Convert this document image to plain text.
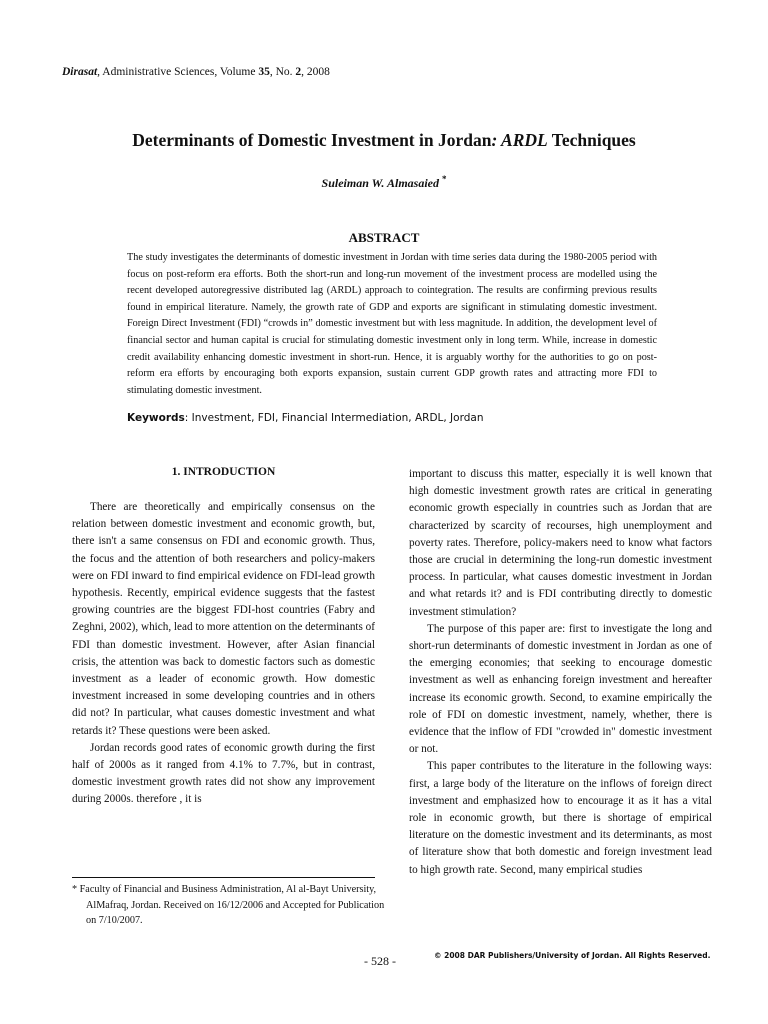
Dirasat, Administrative Sciences, Volume 35, No. 2, 2008
Determinants of Domestic Investment in Jordan: ARDL Techniques
Suleiman W. Almasaied *
ABSTRACT

The study investigates the determinants of domestic investment in Jordan with time series data during the 1980-2005 period with focus on post-reform era efforts. Both the short-run and long-run movement of the investment process are modelled using the recent developed autoregressive distributed lag (ARDL) approach to cointegration. The results are confirming previous results found in empirical literature. Namely, the growth rate of GDP and exports are significant in stimulating domestic investment. Foreign Direct Investment (FDI) “crowds in” domestic investment but with less magnitude. In addition, the development level of financial sector and human capital is crucial for stimulating domestic investment only in long term. While, increase in domestic credit availability enhancing domestic investment in short-run. Hence, it is arguably worthy for the authorities to go on post-reform era efforts by encouraging both exports expansion, sustain current GDP growth rates and attracting more FDI to stimulating domestic investment.

Keywords: Investment, FDI, Financial Intermediation, ARDL, Jordan

1. INTRODUCTION

There are theoretically and empirically consensus on the relation between domestic investment and economic growth, but, there isn't a same consensus on FDI and economic growth. Thus, the focus and the attention of both researchers and policy-makers were on FDI inward to find empirical evidence on FDI-lead growth hypothesis. Recently, empirical evidence suggests that the fastest growing countries are the biggest FDI-host countries (Fabry and Zeghni, 2002), which, lead to more attention on the determinants of FDI than domestic investment. However, after Asian financial crisis, the attention was back to domestic factors such as domestic investment as a leader of economic growth. How domestic investment increased in some developing countries and in others did not? In particular, what causes domestic investment and what retards it? These questions were been asked.

Jordan records good rates of economic growth during the first half of 2000s as it ranged from 4.1% to 7.7%, but in contrast, domestic investment growth rates did not show any improvement during 2000s. therefore , it is

important to discuss this matter, especially it is well known that high domestic investment growth rates are critical in generating economic growth especially in countries such as Jordan that are characterized by scarcity of recourses, high unemployment and poverty rates. Therefore, policy-makers need to know what factors those are crucial in determining the long-run domestic investment process. In particular, what causes domestic investment in Jordan and what retards it? and is FDI contributing directly to domestic investment stimulation?

The purpose of this paper are: first to investigate the long and short-run determinants of domestic investment in Jordan as one of the emerging economies; that seeking to encourage domestic investment as well as enhancing foreign investment and hereafter increase its economic growth. Second, to examine empirically the role of FDI on domestic investment, namely, whether, there is evidence that the inflow of FDI "crowded in" domestic investment or not.

This paper contributes to the literature in the following ways: first, a large body of the literature on the inflows of foreign direct investment and emphasized how to encourage it as it has a vital role in economic growth, but there is shortage of empirical literature on the domestic investment and its determinants, as most of literature show that both domestic and foreign investment lead to high growth rate. Second, many empirical studies

* Faculty of Financial and Business Administration, Al al-Bayt University, AlMafraq, Jordan. Received on 16/12/2006 and Accepted for Publication on 7/10/2007.

- 528 -	© 2008 DAR Publishers/University of Jordan. All Rights Reserved.
